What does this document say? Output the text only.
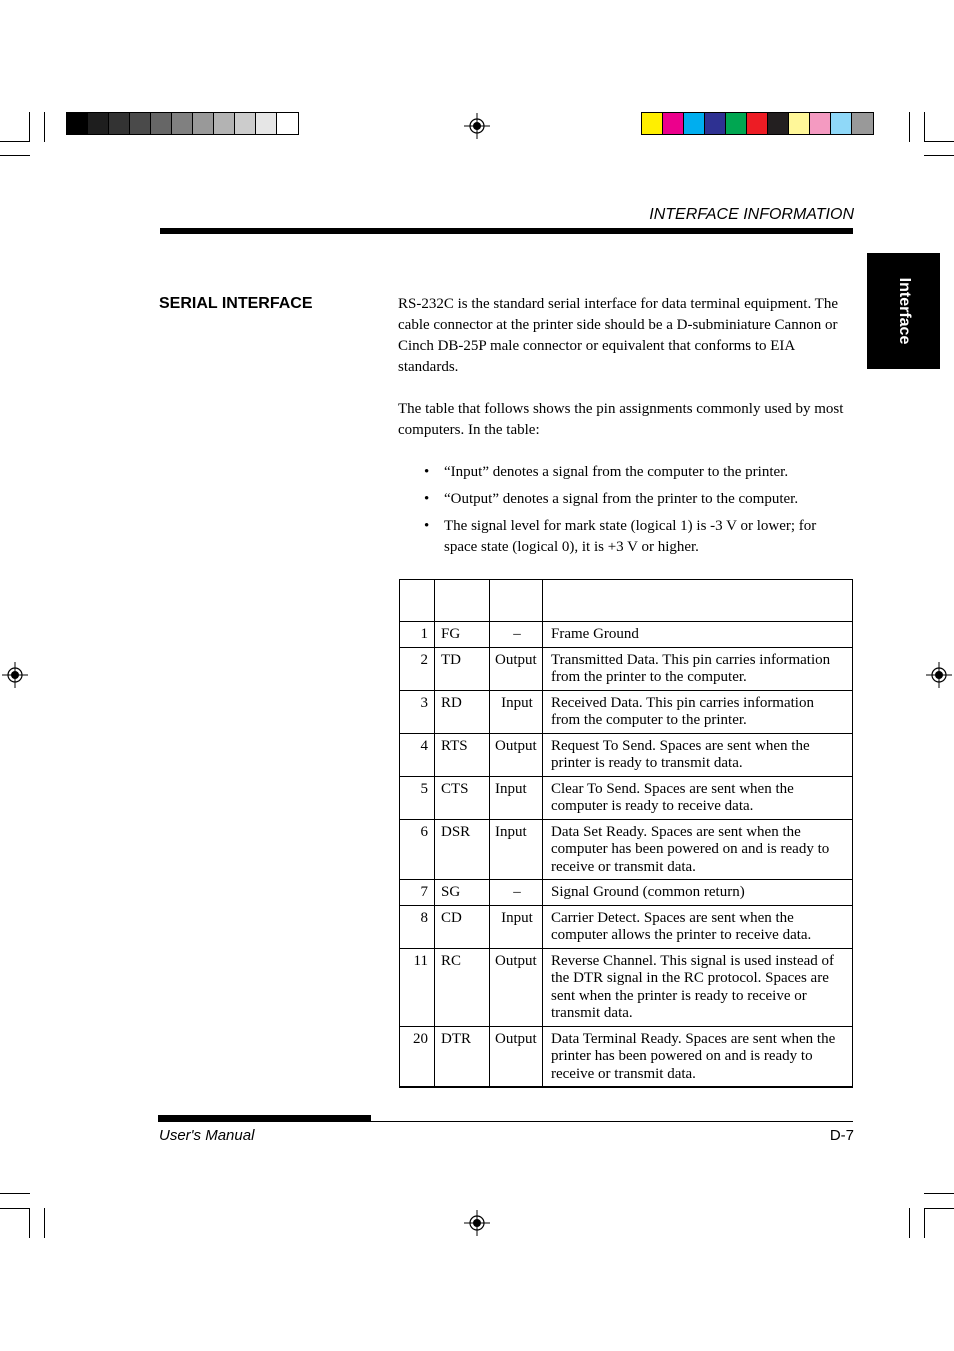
INTERFACE INFORMATION
Interface
SERIAL INTERFACE	RS-232C is the standard serial interface for data terminal equipment. The cable connector at the printer side should be a D-subminiature Cannon or Cinch DB-25P male connector or equivalent that conforms to EIA standards.
The table that follows shows the pin assignments commonly used by most computers. In the table:
• “Input” denotes a signal from the computer to the printer.
• “Output” denotes a signal from the printer to the computer.
• The signal level for mark state (logical 1) is -3 V or lower; for space state (logical 0), it is +3 V or higher.

1	FG	–	Frame Ground
2	TD	Output	Transmitted Data. This pin carries information from the printer to the computer.
3	RD	Input	Received Data. This pin carries information from the computer to the printer.
4	RTS	Output	Request To Send. Spaces are sent when the printer is ready to transmit data.
5	CTS	Input	Clear To Send. Spaces are sent when the computer is ready to receive data.
6	DSR	Input	Data Set Ready. Spaces are sent when the computer has been powered on and is ready to receive or transmit data.
7	SG	–	Signal Ground (common return)
8	CD	Input	Carrier Detect. Spaces are sent when the computer allows the printer to receive data.
11	RC	Output	Reverse Channel. This signal is used instead of the DTR signal in the RC protocol. Spaces are sent when the printer is ready to receive or transmit data.
20	DTR	Output	Data Terminal Ready. Spaces are sent when the printer has been powered on and is ready to receive or transmit data.
User's Manual	D-7
